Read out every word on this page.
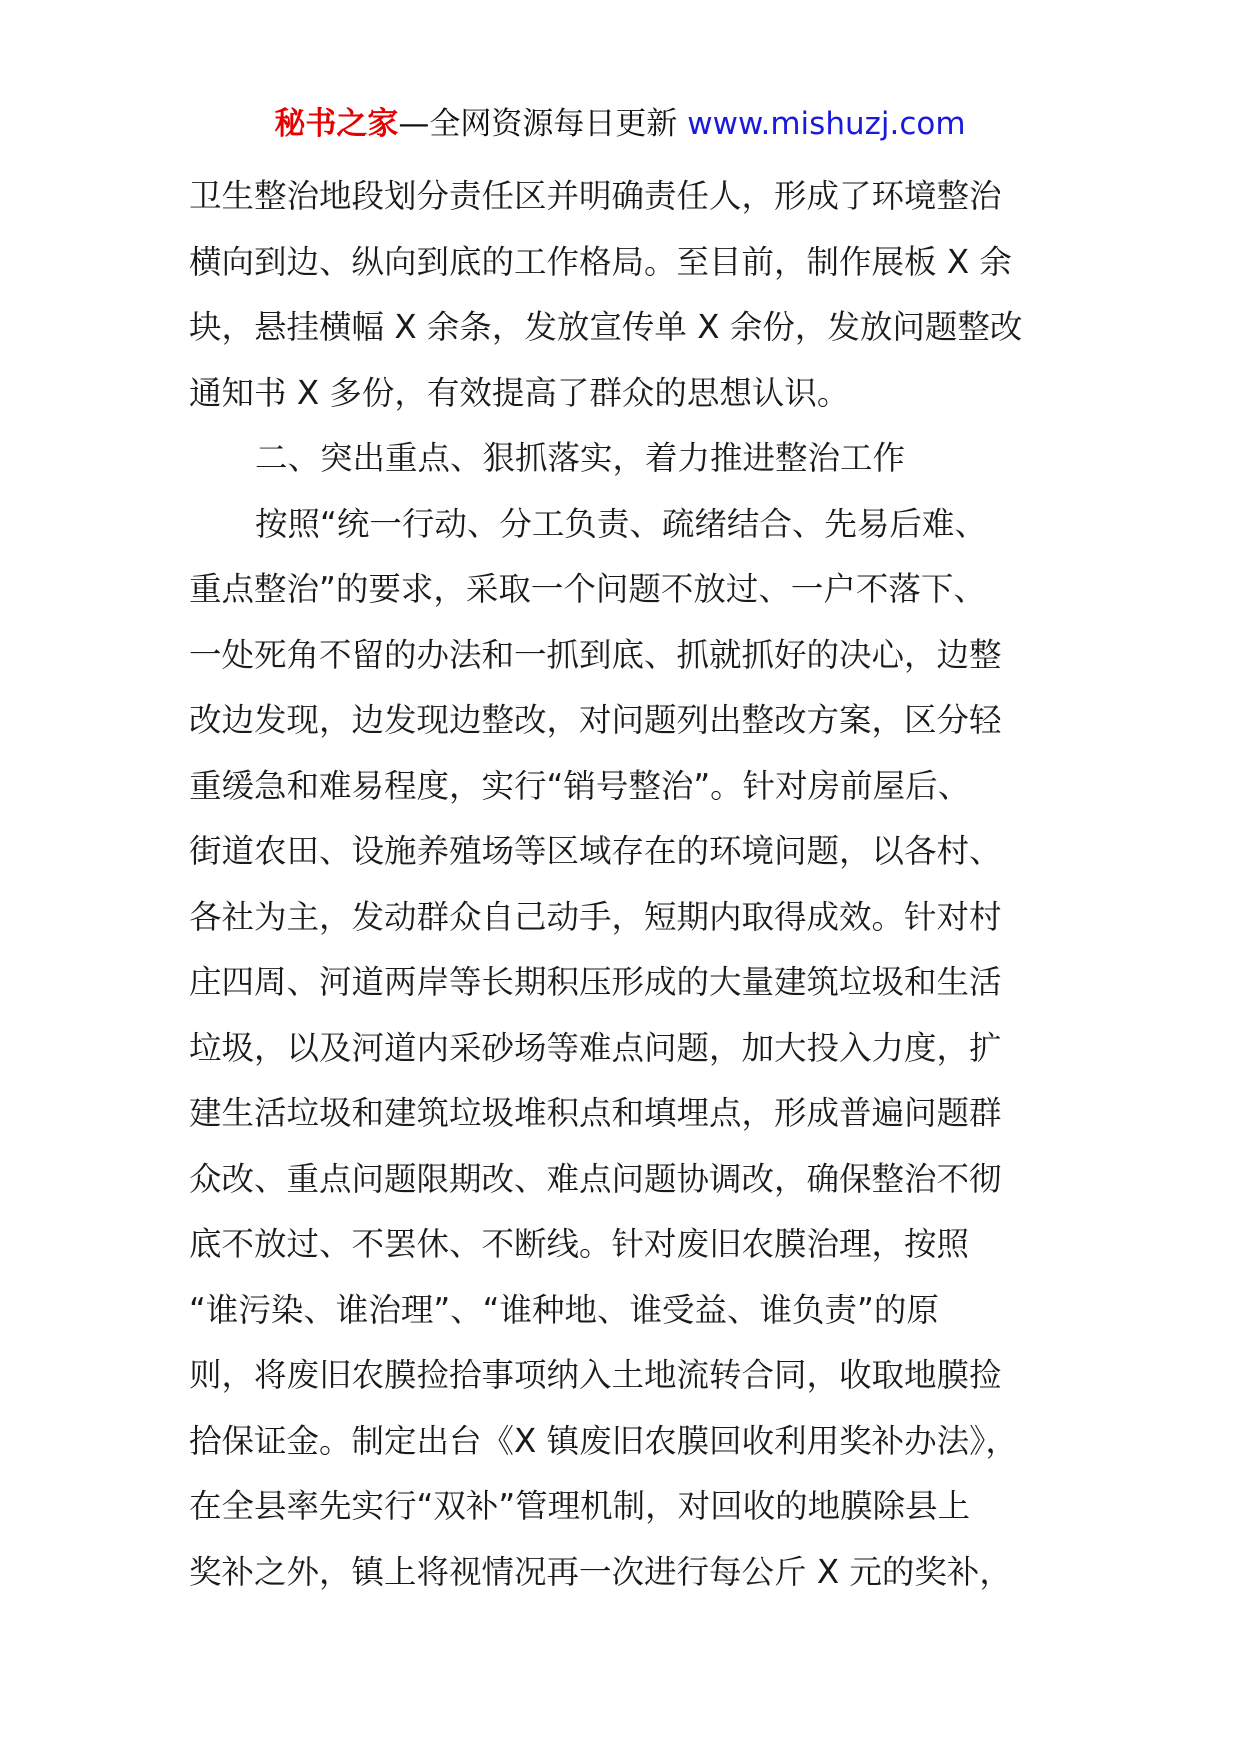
秘书之家—全网资源每日更新 www.mishuzj.com
卫生整治地段划分责任区并明确责任人，形成了环境整治
横向到边、纵向到底的工作格局。至目前，制作展板 X 余
块，悬挂横幅 X 余条，发放宣传单 X 余份，发放问题整改
通知书 X 多份，有效提高了群众的思想认识。
二、突出重点、狠抓落实，着力推进整治工作
按照“统一行动、分工负责、疏绪结合、先易后难、
重点整治”的要求，采取一个问题不放过、一户不落下、
一处死角不留的办法和一抓到底、抓就抓好的决心，边整
改边发现，边发现边整改，对问题列出整改方案，区分轻
重缓急和难易程度，实行“销号整治”。针对房前屋后、
街道农田、设施养殖场等区域存在的环境问题，以各村、
各社为主，发动群众自己动手，短期内取得成效。针对村
庄四周、河道两岸等长期积压形成的大量建筑垃圾和生活
垃圾，以及河道内采砂场等难点问题，加大投入力度，扩
建生活垃圾和建筑垃圾堆积点和填埋点，形成普遍问题群
众改、重点问题限期改、难点问题协调改，确保整治不彻
底不放过、不罢休、不断线。针对废旧农膜治理，按照
“谁污染、谁治理”、“谁种地、谁受益、谁负责”的原
则，将废旧农膜捡拾事项纳入土地流转合同，收取地膜捡
拾保证金。制定出台《X 镇废旧农膜回收利用奖补办法》，
在全县率先实行“双补”管理机制，对回收的地膜除县上
奖补之外，镇上将视情况再一次进行每公斤 X 元的奖补，
